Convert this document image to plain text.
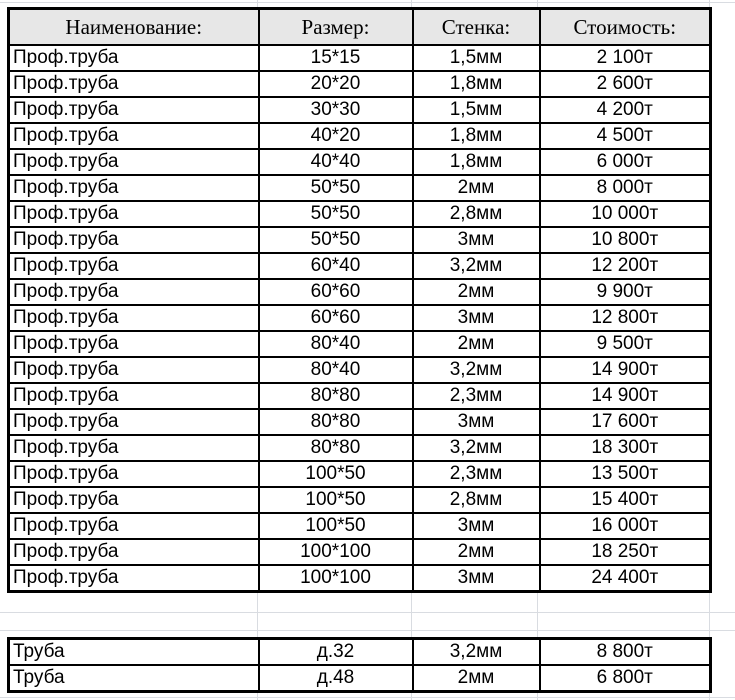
Наименование:	Размер:	Стенка:	Стоимость:
Проф.труба	15*15	1,5мм	2 100т
Проф.труба	20*20	1,8мм	2 600т
Проф.труба	30*30	1,5мм	4 200т
Проф.труба	40*20	1,8мм	4 500т
Проф.труба	40*40	1,8мм	6 000т
Проф.труба	50*50	2мм	8 000т
Проф.труба	50*50	2,8мм	10 000т
Проф.труба	50*50	3мм	10 800т
Проф.труба	60*40	3,2мм	12 200т
Проф.труба	60*60	2мм	9 900т
Проф.труба	60*60	3мм	12 800т
Проф.труба	80*40	2мм	9 500т
Проф.труба	80*40	3,2мм	14 900т
Проф.труба	80*80	2,3мм	14 900т
Проф.труба	80*80	3мм	17 600т
Проф.труба	80*80	3,2мм	18 300т
Проф.труба	100*50	2,3мм	13 500т
Проф.труба	100*50	2,8мм	15 400т
Проф.труба	100*50	3мм	16 000т
Проф.труба	100*100	2мм	18 250т
Проф.труба	100*100	3мм	24 400т
Труба	д.32	3,2мм	8 800т
Труба	д.48	2мм	6 800т
